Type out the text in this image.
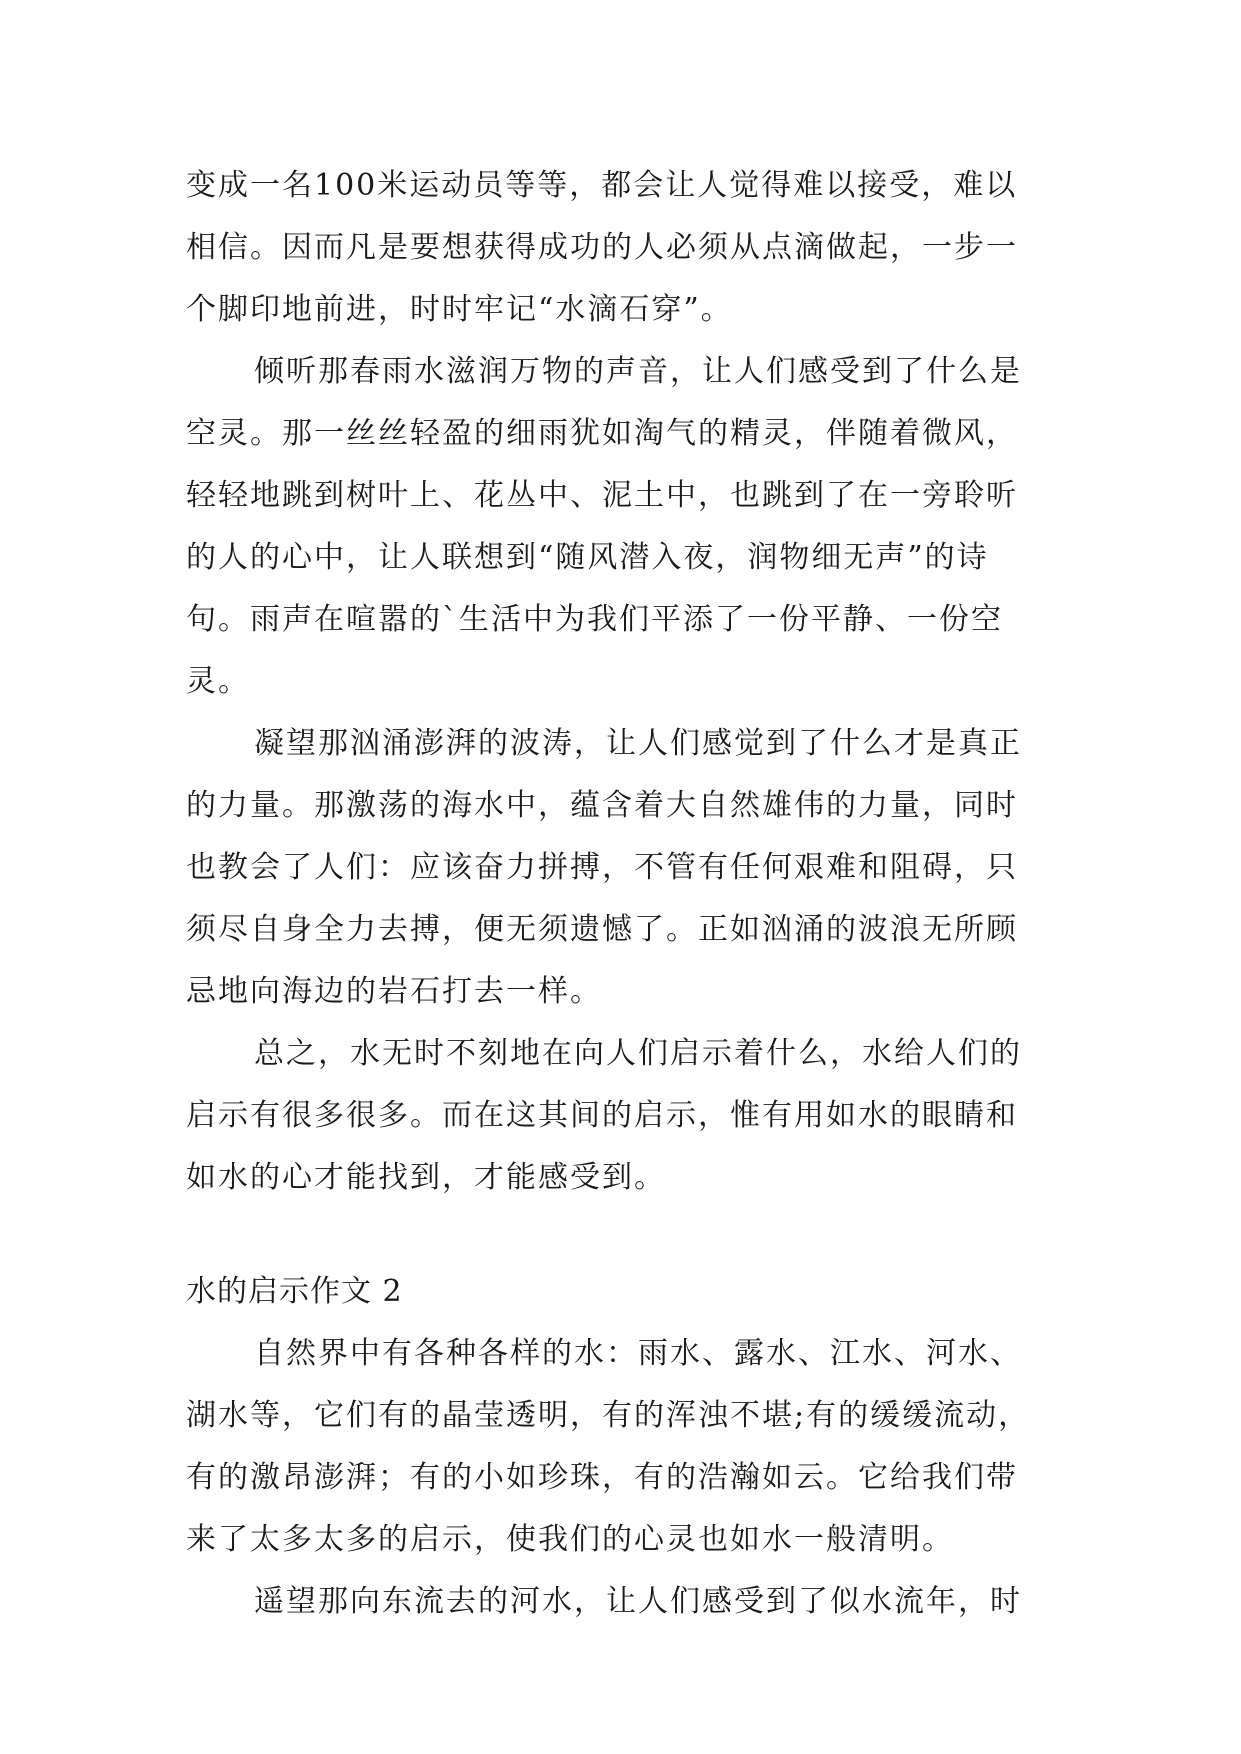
变成一名100米运动员等等，都会让人觉得难以接受，难以
相信。因而凡是要想获得成功的人必须从点滴做起，一步一
个脚印地前进，时时牢记“水滴石穿”。
倾听那春雨水滋润万物的声音，让人们感受到了什么是
空灵。那一丝丝轻盈的细雨犹如淘气的精灵，伴随着微风，
轻轻地跳到树叶上、花丛中、泥土中，也跳到了在一旁聆听
的人的心中，让人联想到“随风潜入夜，润物细无声”的诗
句。雨声在喧嚣的`生活中为我们平添了一份平静、一份空
灵。
凝望那汹涌澎湃的波涛，让人们感觉到了什么才是真正
的力量。那激荡的海水中，蕴含着大自然雄伟的力量，同时
也教会了人们：应该奋力拼搏，不管有任何艰难和阻碍，只
须尽自身全力去搏，便无须遗憾了。正如汹涌的波浪无所顾
忌地向海边的岩石打去一样。
总之，水无时不刻地在向人们启示着什么，水给人们的
启示有很多很多。而在这其间的启示，惟有用如水的眼睛和
如水的心才能找到，才能感受到。
水的启示作文 2
自然界中有各种各样的水：雨水、露水、江水、河水、
湖水等，它们有的晶莹透明，有的浑浊不堪;有的缓缓流动，
有的激昂澎湃；有的小如珍珠，有的浩瀚如云。它给我们带
来了太多太多的启示，使我们的心灵也如水一般清明。
遥望那向东流去的河水，让人们感受到了似水流年，时
